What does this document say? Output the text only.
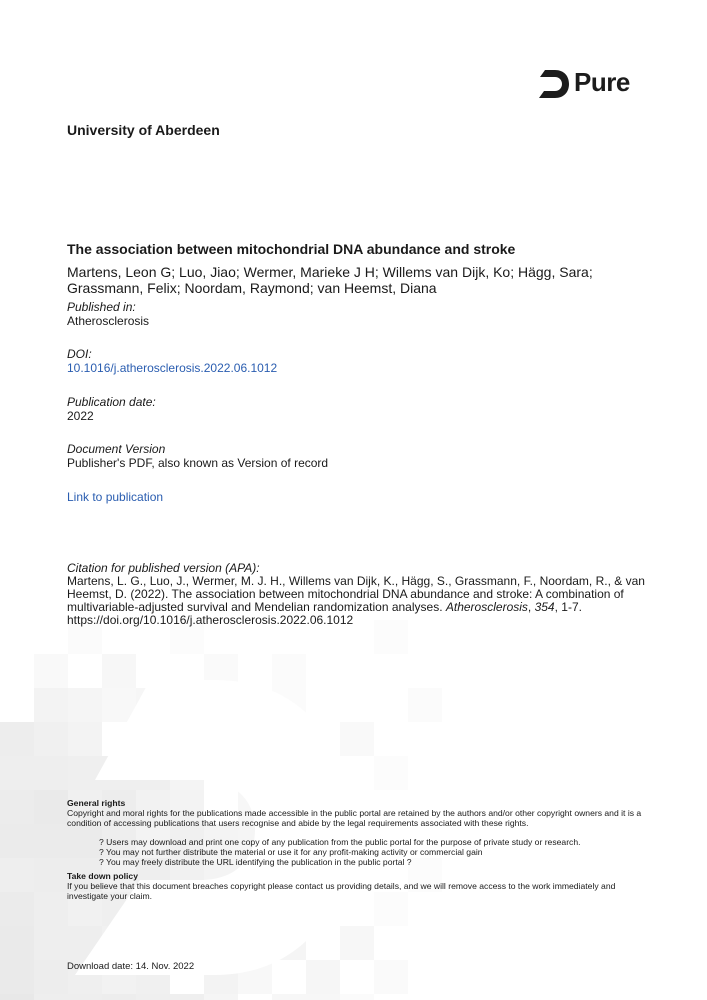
Pure
University of Aberdeen
The association between mitochondrial DNA abundance and stroke
Martens, Leon G; Luo, Jiao; Wermer, Marieke J H; Willems van Dijk, Ko; Hägg, Sara; Grassmann, Felix; Noordam, Raymond; van Heemst, Diana
Published in:
Atherosclerosis
DOI:
10.1016/j.atherosclerosis.2022.06.1012
Publication date:
2022
Document Version
Publisher's PDF, also known as Version of record
Link to publication
Citation for published version (APA):
Martens, L. G., Luo, J., Wermer, M. J. H., Willems van Dijk, K., Hägg, S., Grassmann, F., Noordam, R., & van Heemst, D. (2022). The association between mitochondrial DNA abundance and stroke: A combination of multivariable-adjusted survival and Mendelian randomization analyses. Atherosclerosis, 354, 1-7.
https://doi.org/10.1016/j.atherosclerosis.2022.06.1012
General rights
Copyright and moral rights for the publications made accessible in the public portal are retained by the authors and/or other copyright owners and it is a condition of accessing publications that users recognise and abide by the legal requirements associated with these rights.
? Users may download and print one copy of any publication from the public portal for the purpose of private study or research.
? You may not further distribute the material or use it for any profit-making activity or commercial gain
? You may freely distribute the URL identifying the publication in the public portal ?
Take down policy
If you believe that this document breaches copyright please contact us providing details, and we will remove access to the work immediately and investigate your claim.
Download date: 14. Nov. 2022
